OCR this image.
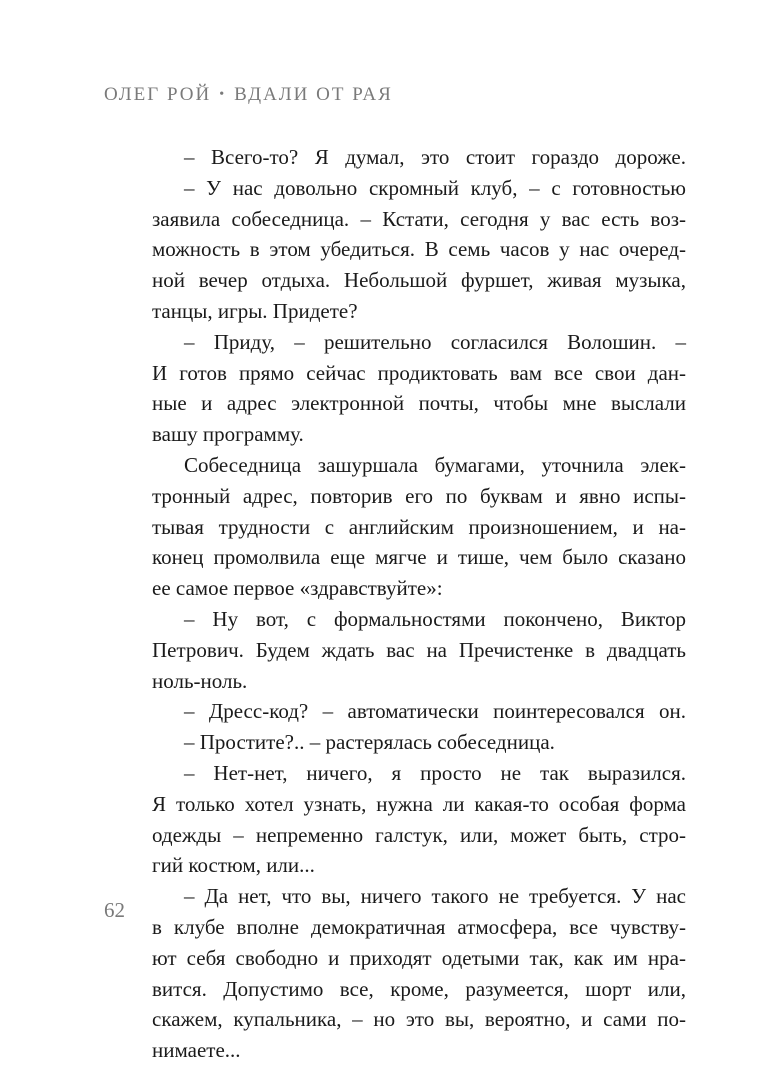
ОЛЕГ РОЙ • ВДАЛИ ОТ РАЯ
– Всего-то? Я думал, это стоит гораздо дороже.
– У нас довольно скромный клуб, – с готовностью
заявила собеседница. – Кстати, сегодня у вас есть воз-
можность в этом убедиться. В семь часов у нас очеред-
ной вечер отдыха. Небольшой фуршет, живая музыка,
танцы, игры. Придете?
– Приду, – решительно согласился Волошин. –
И готов прямо сейчас продиктовать вам все свои дан-
ные и адрес электронной почты, чтобы мне выслали
вашу программу.
Собеседница зашуршала бумагами, уточнила элек-
тронный адрес, повторив его по буквам и явно испы-
тывая трудности с английским произношением, и на-
конец промолвила еще мягче и тише, чем было сказано
ее самое первое «здравствуйте»:
– Ну вот, с формальностями покончено, Виктор
Петрович. Будем ждать вас на Пречистенке в двадцать
ноль-ноль.
– Дресс-код? – автоматически поинтересовался он.
– Простите?.. – растерялась собеседница.
– Нет-нет, ничего, я просто не так выразился.
Я только хотел узнать, нужна ли какая-то особая форма
одежды – непременно галстук, или, может быть, стро-
гий костюм, или...
– Да нет, что вы, ничего такого не требуется. У нас
в клубе вполне демократичная атмосфера, все чувству-
ют себя свободно и приходят одетыми так, как им нра-
вится. Допустимо все, кроме, разумеется, шорт или,
скажем, купальника, – но это вы, вероятно, и сами по-
нимаете...
62
